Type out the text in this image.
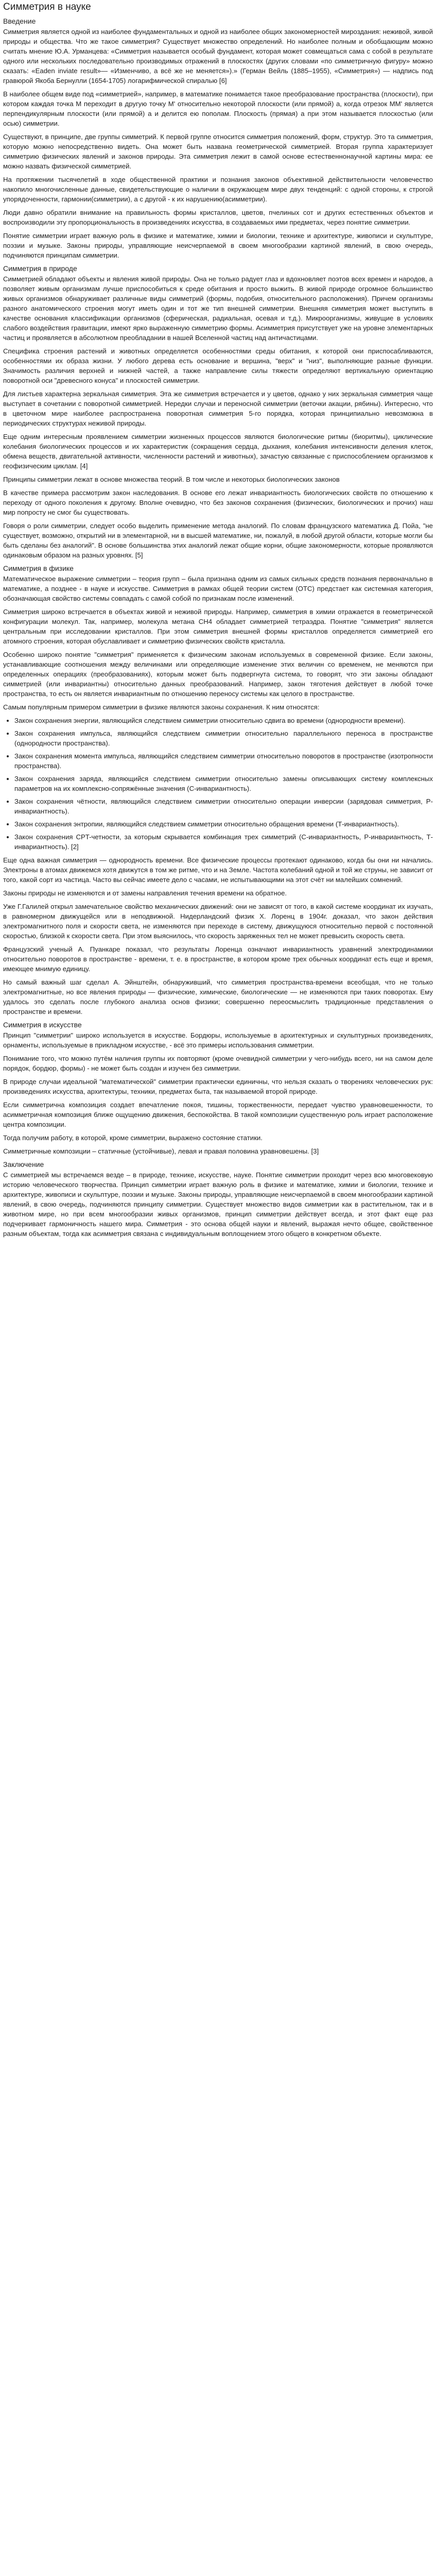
Симметрия в науке
Введение

Симметрия является одной из наиболее фундаментальных и одной из наиболее общих закономерностей мироздания: неживой, живой природы и общества. Что же такое симметрия? Существует множество определений. Но наиболее полным и обобщающим можно считать мнение Ю.А. Урманцева: «Симметрия называется особый фундамент, которая может совмещаться сама с собой в результате одного или нескольких последовательно производимых отражений в плоскостях (других словами «по симметричную фигуру» можно сказать: «Eaden inviate result»— «Изменчиво, а всё же не меняется»).» (Герман Вейль (1885–1955), «Симметрия») — надпись под гравюрой Якоба Бернулли (1654-1705) логарифмической спиралью [6]

В наиболее общем виде под «симметрией», например, в математике понимается такое преобразование пространства (плоскости), при котором каждая точка М переходит в другую точку М' относительно некоторой плоскости (или прямой) а, когда отрезок ММ' является перпендикулярным плоскости (или прямой) а и делится ею пополам. Плоскость (прямая) а при этом называется плоскостью (или осью) симметрии.

Существуют, в принципе, две группы симметрий. К первой группе относится симметрия положений, форм, структур. Это та симметрия, которую можно непосредственно видеть. Она может быть названа геометрической симметрией. Вторая группа характеризует симметрию физических явлений и законов природы. Эта симметрия лежит в самой основе естественнонаучной картины мира: ее можно назвать физической симметрией.

На протяжении тысячелетий в ходе общественной практики и познания законов объективной действительности человечество накопило многочисленные данные, свидетельствующие о наличии в окружающем мире двух тенденций: с одной стороны, к строгой упорядоченности, гармонии(симметрии), а с другой - к их нарушению(асимметрии).

Люди давно обратили внимание на правильность формы кристаллов, цветов, пчелиных сот и других естественных объектов и воспроизводили эту пропорциональность в произведениях искусства, в создаваемых ими предметах, через понятие симметрии.

Понятие симметрии играет важную роль в физике и математике, химии и биологии, технике и архитектуре, живописи и скульптуре, поэзии и музыке. Законы природы, управляющие неисчерпаемой в своем многообразии картиной явлений, в свою очередь, подчиняются принципам симметрии.

Симметрия в природе

Симметрией обладают объекты и явления живой природы. Она не только радует глаз и вдохновляет поэтов всех времен и народов, а позволяет живым организмам лучше приспособиться к среде обитания и просто выжить. В живой природе огромное большинство живых организмов обнаруживает различные виды симметрий (формы, подобия, относительного расположения). Причем организмы разного анатомического строения могут иметь один и тот же тип внешней симметрии. Внешняя симметрия может выступить в качестве основания классификации организмов (сферическая, радиальная, осевая и т.д.). Микроорганизмы, живущие в условиях слабого воздействия гравитации, имеют ярко выраженную симметрию формы. Асимметрия присутствует уже на уровне элементарных частиц и проявляется в абсолютном преобладании в нашей Вселенной частиц над античастицами.

Специфика строения растений и животных определяется особенностями среды обитания, к которой они приспосабливаются, особенностями их образа жизни. У любого дерева есть основание и вершина, "верх" и "низ", выполняющие разные функции. Значимость различия верхней и нижней частей, а также направление силы тяжести определяют вертикальную ориентацию поворотной оси "древесного конуса" и плоскостей симметрии.

Для листьев характерна зеркальная симметрия. Эта же симметрия встречается и у цветов, однако у них зеркальная симметрия чаще выступает в сочетании с поворотной симметрией. Нередки случаи и переносной симметрии (веточки акации, рябины). Интересно, что в цветочном мире наиболее распространена поворотная симметрия 5-го порядка, которая принципиально невозможна в периодических структурах неживой природы.

Еще одним интересным проявлением симметрии жизненных процессов являются биологические ритмы (биоритмы), циклические колебания биологических процессов и их характеристик (сокращения сердца, дыхания, колебания интенсивности деления клеток, обмена веществ, двигательной активности, численности растений и животных), зачастую связанные с приспособлением организмов к геофизическим циклам. [4]

Принципы симметрии лежат в основе множества теорий. В том числе и некоторых биологических законов

В качестве примера рассмотрим закон наследования. В основе его лежат инвариантность биологических свойств по отношению к переходу от одного поколения к другому. Вполне очевидно, что без законов сохранения (физических, биологических и прочих) наш мир попросту не смог бы существовать.

Говоря о роли симметрии, следует особо выделить применение метода аналогий. По словам французского математика Д. Пойа, "не существует, возможно, открытий ни в элементарной, ни в высшей математике, ни, пожалуй, в любой другой области, которые могли бы быть сделаны без аналогий". В основе большинства этих аналогий лежат общие корни, общие закономерности, которые проявляются одинаковым образом на разных уровнях. [5]

Симметрия в физике

Математическое выражение симметрии – теория групп – была признана одним из самых сильных средств познания первоначально в математике, а позднее - в науке и искусстве. Симметрия в рамках общей теории систем (ОТС) предстает как системная категория, обозначающая свойство системы совпадать с самой собой по признакам после изменений.

Симметрия широко встречается в объектах живой и неживой природы. Например, симметрия в химии отражается в геометрической конфигурации молекул. Так, например, молекула метана CH4 обладает симметрией тетраэдра. Понятие "симметрия" является центральным при исследовании кристаллов. При этом симметрия внешней формы кристаллов определяется симметрией его атомного строения, которая обуславливает и симметрию физических свойств кристалла.

Особенно широко понятие "симметрия" применяется к физическим законам используемых в современной физике. Если законы, устанавливающие соотношения между величинами или определяющие изменение этих величин со временем, не меняются при определенных операциях (преобразованиях), которым может быть подвергнута система, то говорят, что эти законы обладают симметрией (или инвариантны) относительно данных преобразований. Например, закон тяготения действует в любой точке пространства, то есть он является инвариантным по отношению переносу системы как целого в пространстве.

Самым популярным примером симметрии в физике являются законы сохранения. К ним относятся:

• Закон сохранения энергии, являющийся следствием симметрии относительно сдвига во времени (однородности времени).
• Закон сохранения импульса, являющийся следствием симметрии относительно параллельного переноса в пространстве (однородности пространства).
• Закон сохранения момента импульса, являющийся следствием симметрии относительно поворотов в пространстве (изотропности пространства).
• Закон сохранения заряда, являющийся следствием симметрии относительно замены описывающих систему комплексных параметров на их комплексно-сопряжённые значения (С-инвариантность).
• Закон сохранения чётности, являющийся следствием симметрии относительно операции инверсии (зарядовая симметрия, Р- инвариантность).
• Закон сохранения энтропии, являющийся следствием симметрии относительно обращения времени (Т-инвариантность).
• Закон сохранения CPT-четности, за которым скрывается комбинация трех симметрий (С-инвариантность, Р-инвариантность, Т-инвариантность). [2]

Еще одна важная симметрия — однородность времени. Все физические процессы протекают одинаково, когда бы они ни начались. Электроны в атомах движемся хотя движутся в том же ритме, что и на Земле. Частота колебаний одной и той же струны, не зависит от того, какой сорт из частица. Часто вы сейчас имеете дело с часами, не испытывающими на этот счёт ни малейших сомнений.

Законы природы не изменяются и от замены направления течения времени на обратное.

Уже Г.Галилей открыл замечательное свойство механических движений: они не зависят от того, в какой системе координат их изучать, в равномерном движущейся или в неподвижной. Нидерландский физик Х. Лоренц в 1904г. доказал, что закон действия электромагнитного поля и скорости света, не изменяются при переходе в систему, движущуюся относительно первой с постоянной скоростью, близкой к скорости света. При этом выяснилось, что скорость заряженных тел не может превысить скорость света.

Французский ученый А. Пуанкаре показал, что результаты Лоренца означают инвариантность уравнений электродинамики относительно поворотов в пространстве - времени, т. е. в пространстве, в котором кроме трех обычных координат есть еще и время, имеющее мнимую единицу.

Но самый важный шаг сделал А. Эйнштейн, обнаруживший, что симметрия пространства-времени всеобщая, что не только электромагнитные, но все явления природы — физические, химические, биологические — не изменяются при таких поворотах. Ему удалось это сделать после глубокого анализа основ физики; совершенно переосмыслить традиционные представления о пространстве и времени.

Симметрия в искусстве

Принцип "симметрии" широко используется в искусстве. Бордюры, используемые в архитектурных и скульптурных произведениях, орнаменты, используемые в прикладном искусстве, - всё это примеры использования симметрии.

Понимание того, что можно путём наличия группы их повторяют (кроме очевидной симметрии у чего-нибудь всего, ни на самом деле порядок, бордюр, формы) - не может быть создан и изучен без симметрии.

В природе случаи идеальной "математической" симметрии практически единичны, что нельзя сказать о творениях человеческих рук: произведениях искусства, архитектуры, техники, предметах быта, так называемой второй природе.

Если симметрична композиция создает впечатление покоя, тишины, торжественности, передает чувство уравновешенности, то асимметричная композиция ближе ощущению движения, беспокойства. В такой композиции существенную роль играет расположение центра композиции.

Тогда получим работу, в которой, кроме симметрии, выражено состояние статики.

Симметричные композиции – статичные (устойчивые), левая и правая половина уравновешены. [3]

Заключение

С симметрией мы встречаемся везде – в природе, технике, искусстве, науке. Понятие симметрии проходит через всю многовековую историю человеческого творчества. Принцип симметрии играет важную роль в физике и математике, химии и биологии, технике и архитектуре, живописи и скульптуре, поэзии и музыке. Законы природы, управляющие неисчерпаемой в своем многообразии картиной явлений, в свою очередь, подчиняются принципу симметрии. Существует множество видов симметрии как в растительном, так и в животном мире, но при всем многообразии живых организмов, принцип симметрии действует всегда, и этот факт еще раз подчеркивает гармоничность нашего мира. Симметрия - это основа общей науки и явлений, выражая нечто общее, свойственное разным объектам, тогда как асимметрия связана с индивидуальным воплощением этого общего в конкретном объекте.
